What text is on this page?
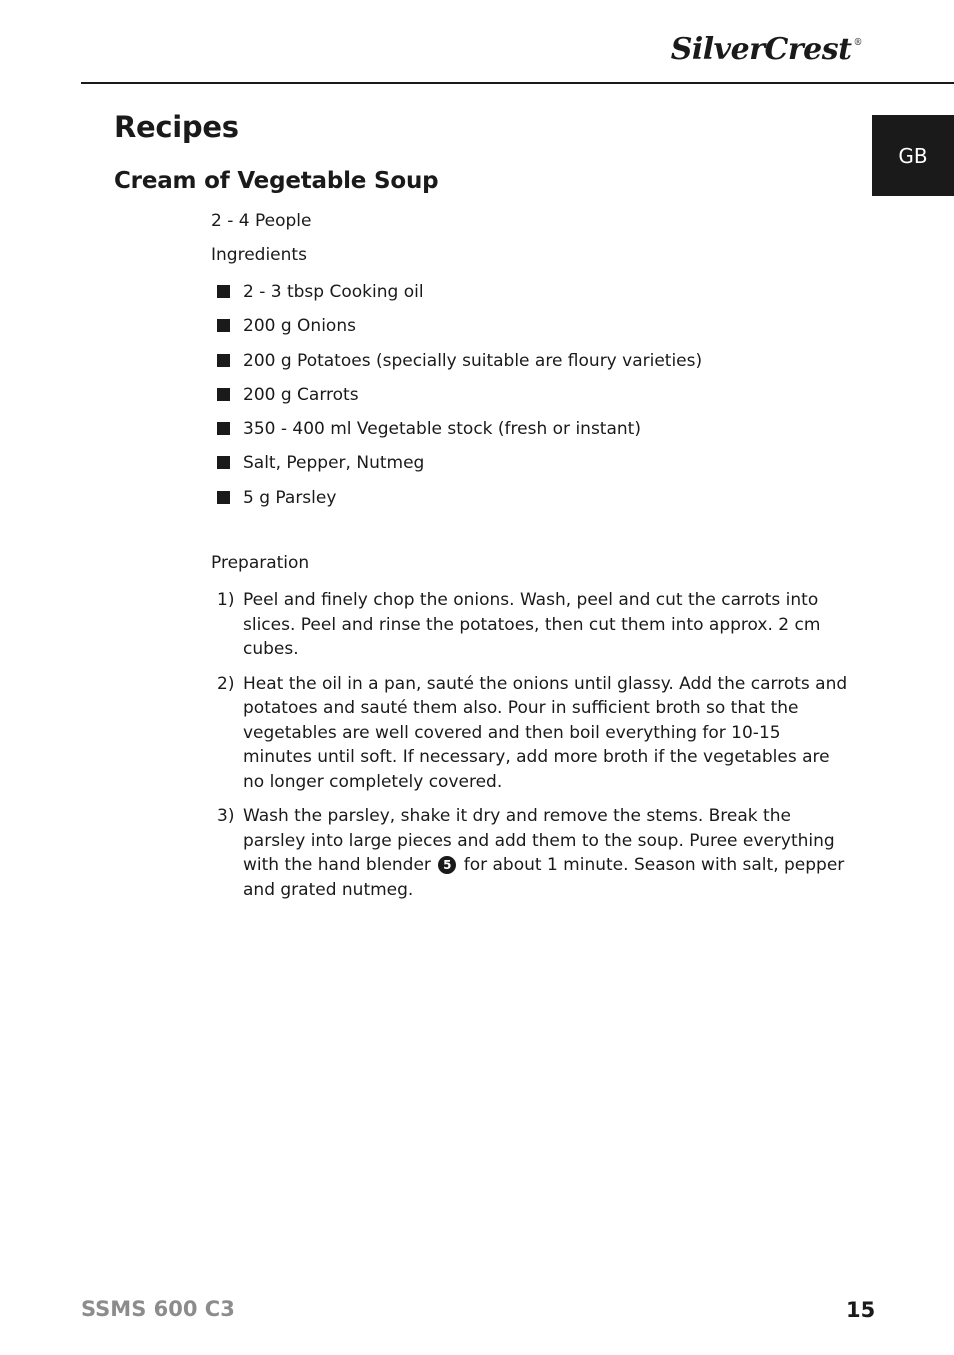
SilverCrest ®
GB
Recipes
Cream of Vegetable Soup

2 - 4 People

Ingredients

2 - 3 tbsp Cooking oil
200 g Onions
200 g Potatoes (specially suitable are floury varieties)
200 g Carrots
350 - 400 ml Vegetable stock (fresh or instant)
Salt, Pepper, Nutmeg
5 g Parsley

Preparation

1) Peel and finely chop the onions. Wash, peel and cut the carrots into slices. Peel and rinse the potatoes, then cut them into approx. 2 cm cubes.
2) Heat the oil in a pan, sauté the onions until glassy. Add the carrots and potatoes and sauté them also. Pour in sufficient broth so that the vegetables are well covered and then boil everything for 10-15 minutes until soft. If necessary, add more broth if the vegetables are no longer completely covered.
3) Wash the parsley, shake it dry and remove the stems. Break the parsley into large pieces and add them to the soup. Puree everything with the hand blender 5 for about 1 minute. Season with salt, pepper and grated nutmeg.
SSMS 600 C3	15
